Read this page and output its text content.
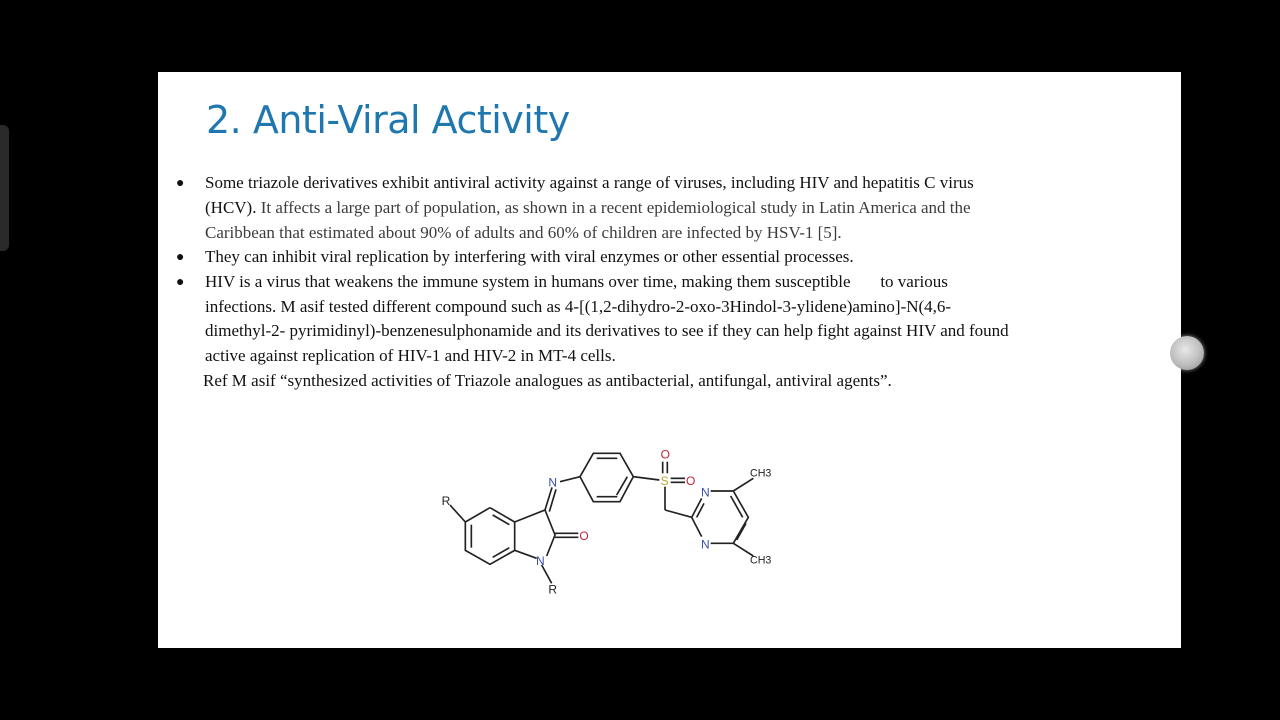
2. Anti-Viral Activity
● Some triazole derivatives exhibit antiviral activity against a range of viruses, including HIV and hepatitis C virus
(HCV). It affects a large part of population, as shown in a recent epidemiological study in Latin America and the
Caribbean that estimated about 90% of adults and 60% of children are infected by HSV-1 [5].
● They can inhibit viral replication by interfering with viral enzymes or other essential processes.
● HIV is a virus that weakens the immune system in humans over time, making them susceptible       to various
infections. M asif tested different compound such as 4-[(1,2-dihydro-2-oxo-3Hindol-3-ylidene)amino]-N(4,6-
dimethyl-2- pyrimidinyl)-benzenesulphonamide and its derivatives to see if they can help fight against HIV and found
active against replication of HIV-1 and HIV-2 in MT-4 cells.
Ref M asif “synthesized activities of Triazole analogues as antibacterial, antifungal, antiviral agents”.
R
R
N
N
O
S
O
O
N
N
CH3
CH3
